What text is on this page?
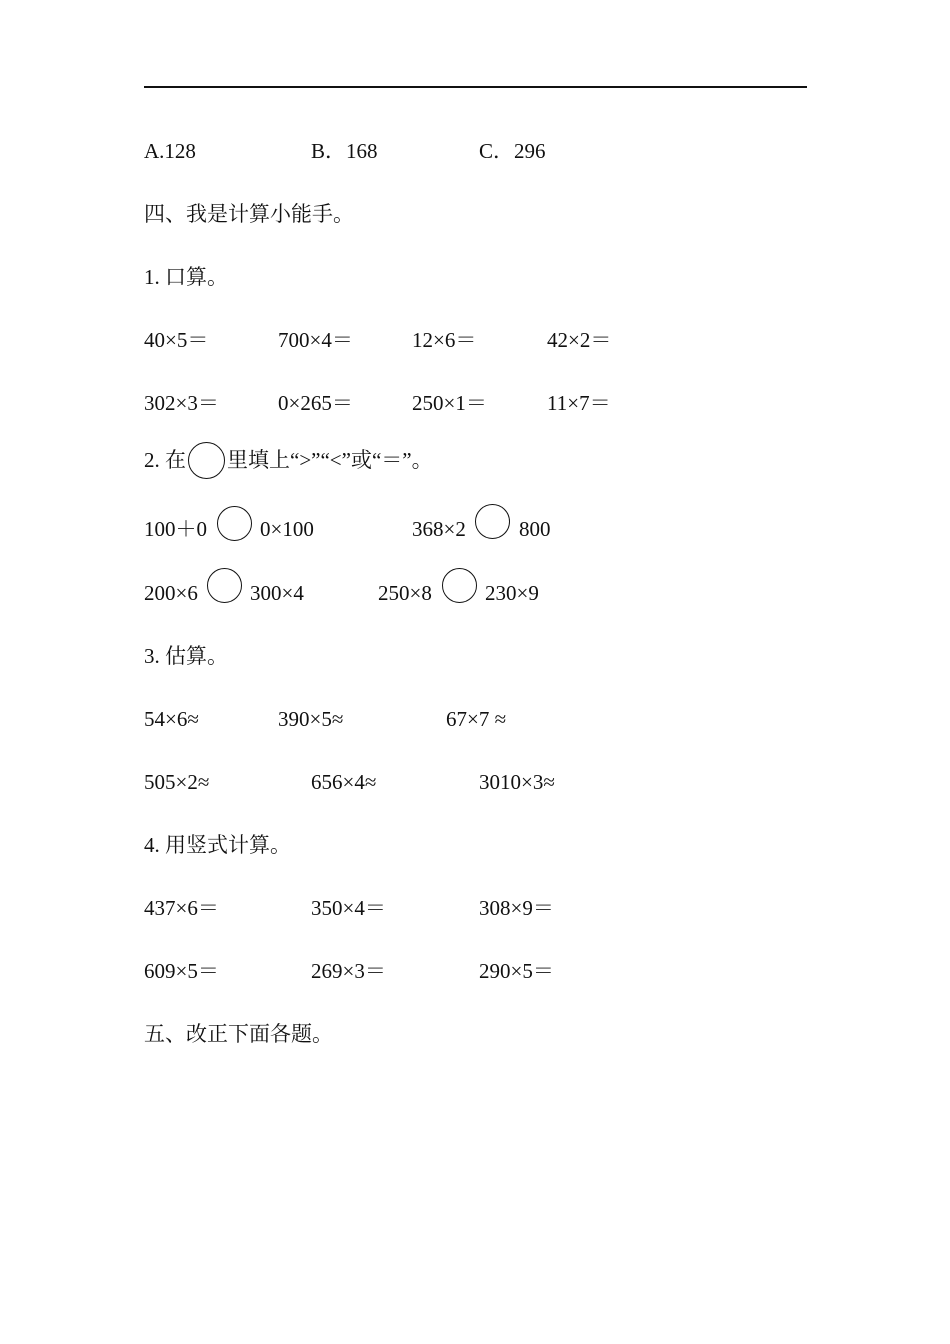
A.128	B．168	C．296
四、我是计算小能手。
1. 口算。
40×5＝	700×4＝	12×6＝	42×2＝
302×3＝	0×265＝	250×1＝	11×7＝
2. 在 里填上“>”“<”或“＝”。
100＋0	0×100	368×2	800
200×6 300×4	250×8	230×9
3. 估算。
54×6≈	390×5≈	67×7 ≈
505×2≈	656×4≈	3010×3≈
4. 用竖式计算。
437×6＝	350×4＝	308×9＝
609×5＝	269×3＝	290×5＝
五、改正下面各题。
